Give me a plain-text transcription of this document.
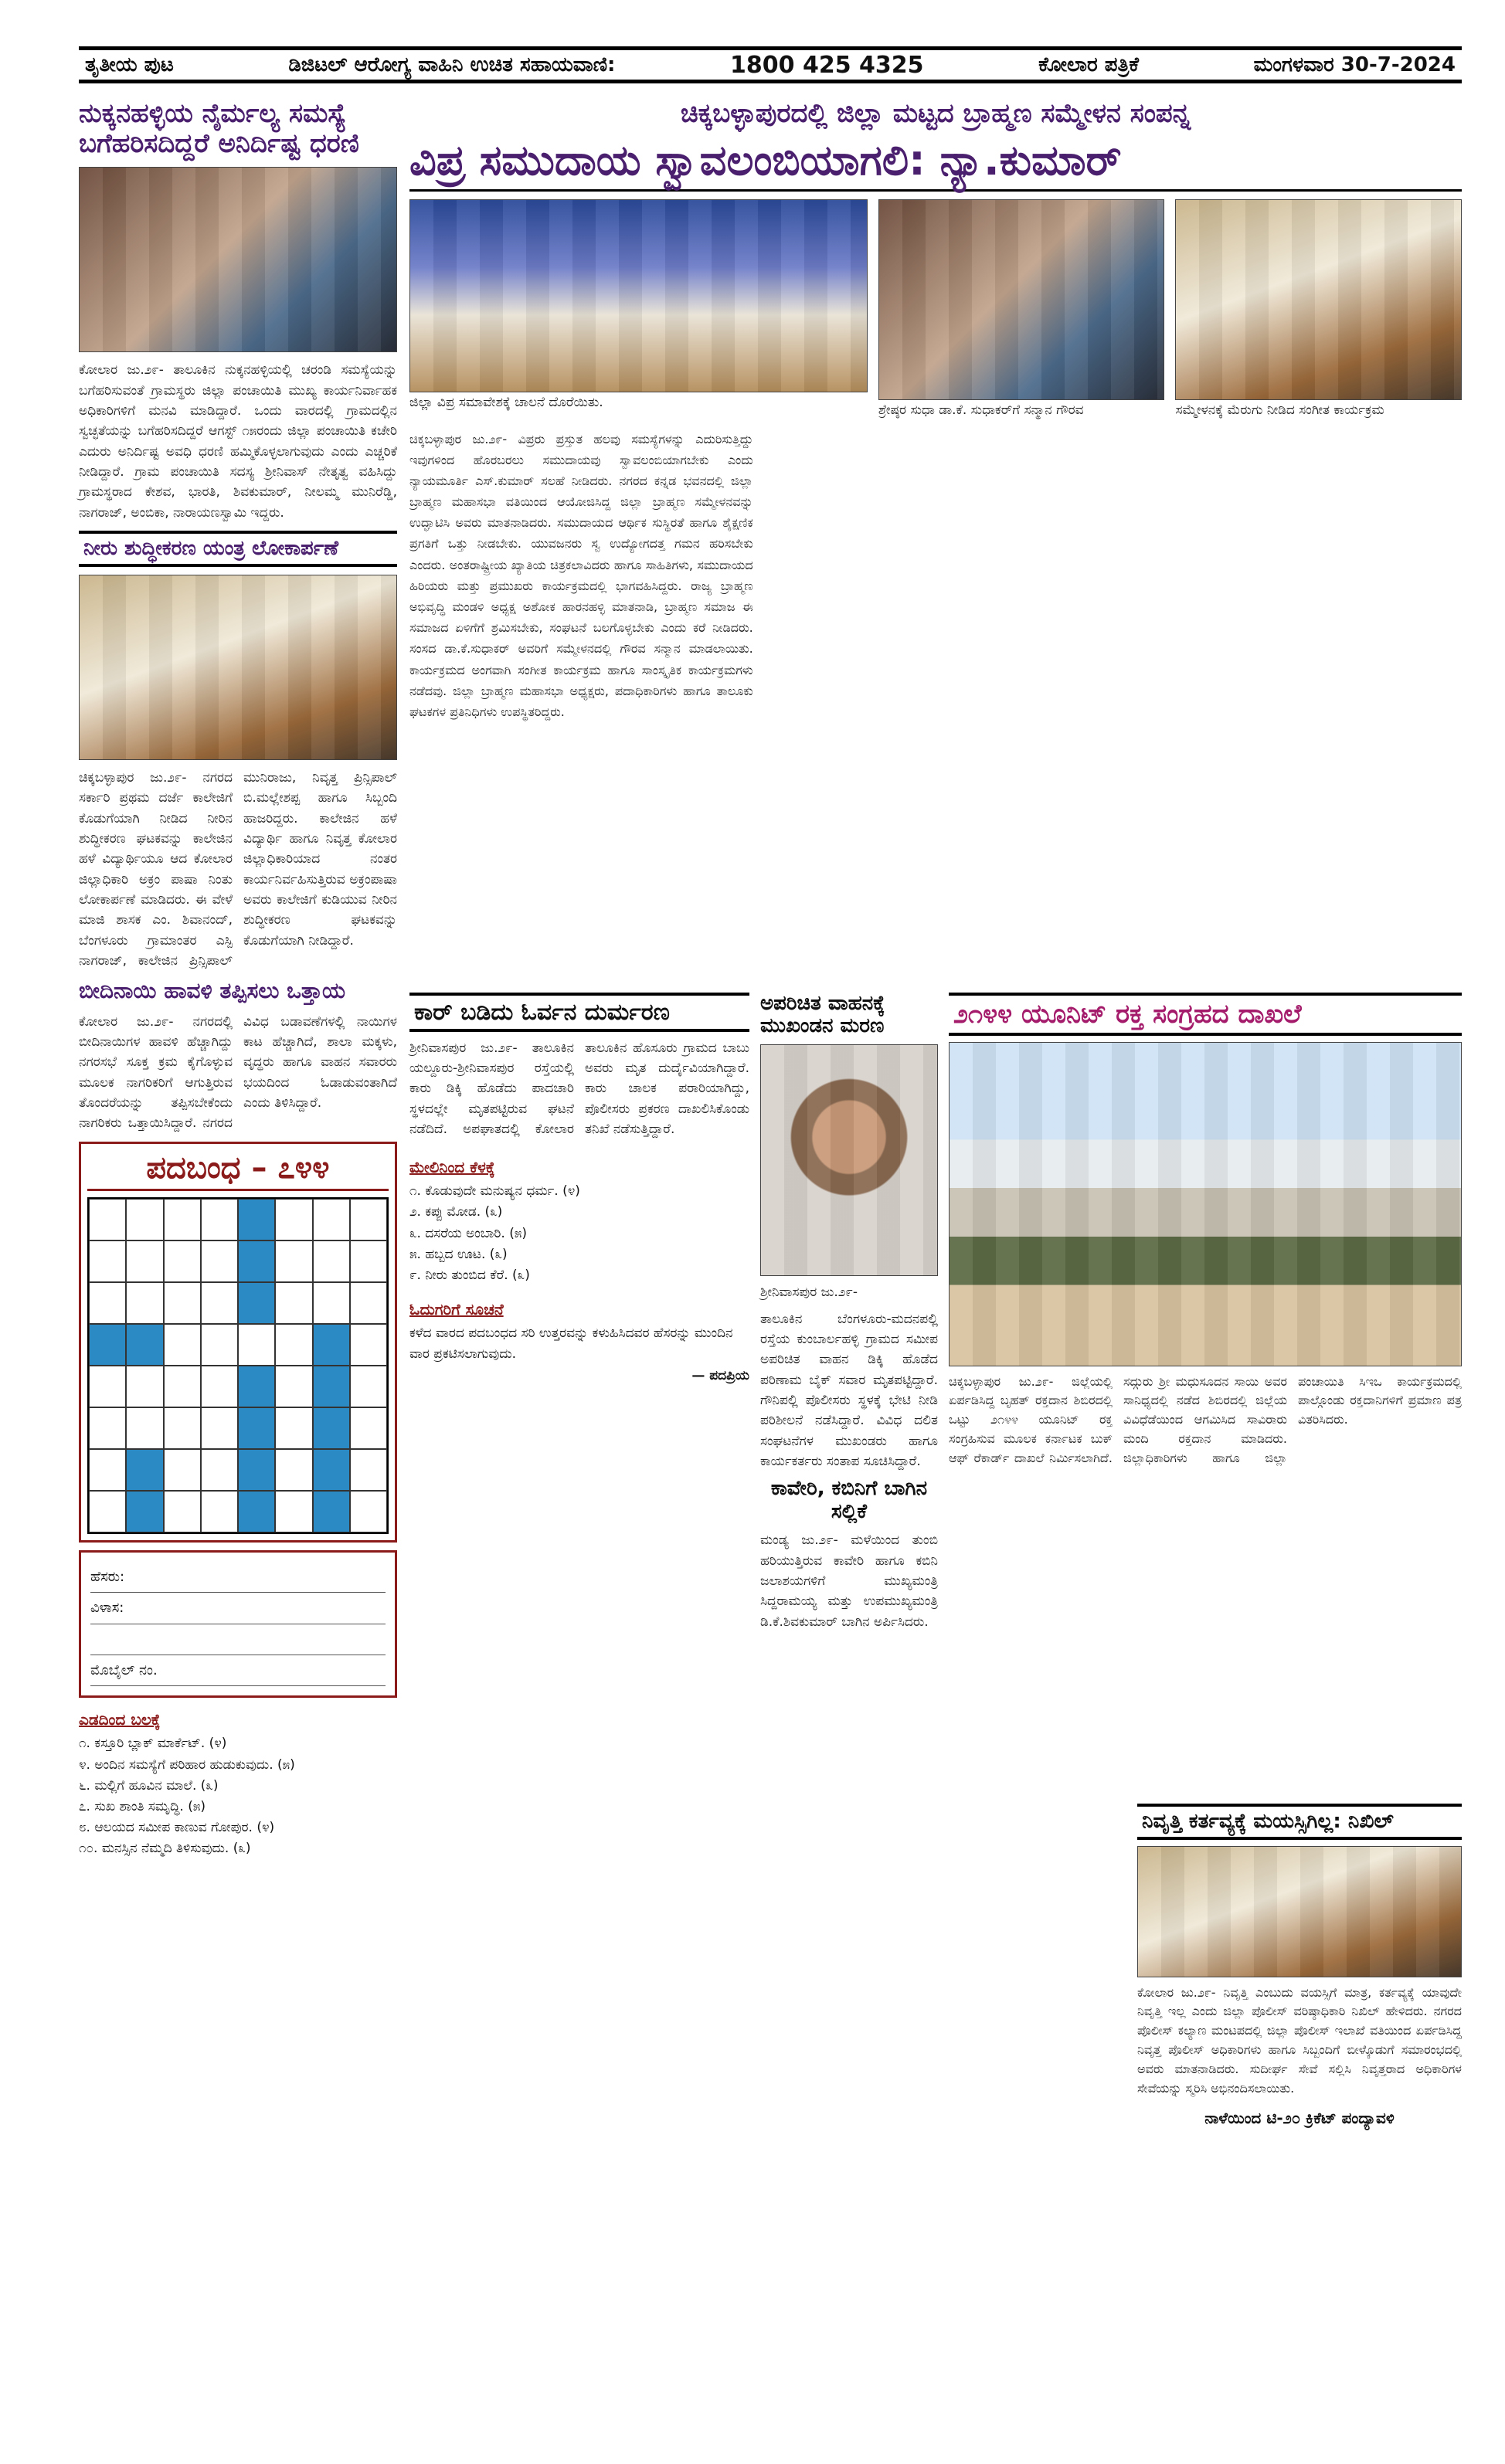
ತೃತೀಯ ಪುಟ	ಡಿಜಿಟಲ್ ಆರೋಗ್ಯ ವಾಹಿನಿ ಉಚಿತ ಸಹಾಯವಾಣಿ:	1800 425 4325	ಕೋಲಾರ ಪತ್ರಿಕೆ	ಮಂಗಳವಾರ 30-7-2024
ನುಕ್ಕನಹಳ್ಳಿಯ ನೈರ್ಮಲ್ಯ ಸಮಸ್ಯೆ ಬಗೆಹರಿಸದಿದ್ದರೆ ಅನಿರ್ದಿಷ್ಟ ಧರಣಿ
ಕೋಲಾರ ಜು.೨೯- ತಾಲೂಕಿನ ನುಕ್ಕನಹಳ್ಳಿಯಲ್ಲಿ ಚರಂಡಿ ಸಮಸ್ಯೆಯನ್ನು ಬಗೆಹರಿಸುವಂತೆ ಗ್ರಾಮಸ್ಥರು ಜಿಲ್ಲಾ ಪಂಚಾಯಿತಿ ಮುಖ್ಯ ಕಾರ್ಯನಿರ್ವಾಹಕ ಅಧಿಕಾರಿಗಳಿಗೆ ಮನವಿ ಮಾಡಿದ್ದಾರೆ. ಒಂದು ವಾರದಲ್ಲಿ ಗ್ರಾಮದಲ್ಲಿನ ಸ್ವಚ್ಛತೆಯನ್ನು ಬಗೆಹರಿಸದಿದ್ದರೆ ಆಗಸ್ಟ್ ೧೫ರಂದು ಜಿಲ್ಲಾ ಪಂಚಾಯಿತಿ ಕಚೇರಿ ಎದುರು ಅನಿರ್ದಿಷ್ಟ ಅವಧಿ ಧರಣಿ ಹಮ್ಮಿಕೊಳ್ಳಲಾಗುವುದು ಎಂದು ಎಚ್ಚರಿಕೆ ನೀಡಿದ್ದಾರೆ. ಗ್ರಾಮ ಪಂಚಾಯಿತಿ ಸದಸ್ಯ ಶ್ರೀನಿವಾಸ್ ನೇತೃತ್ವ ವಹಿಸಿದ್ದು ಗ್ರಾಮಸ್ಥರಾದ ಕೇಶವ, ಭಾರತಿ, ಶಿವಕುಮಾರ್, ನೀಲಮ್ಮ ಮುನಿರೆಡ್ಡಿ, ನಾಗರಾಜ್, ಅಂಬಿಕಾ, ನಾರಾಯಣಸ್ವಾಮಿ ಇದ್ದರು.
ನೀರು ಶುದ್ಧೀಕರಣ ಯಂತ್ರ ಲೋಕಾರ್ಪಣೆ
ಚಿಕ್ಕಬಳ್ಳಾಪುರ ಜು.೨೯- ನಗರದ ಸರ್ಕಾರಿ ಪ್ರಥಮ ದರ್ಜೆ ಕಾಲೇಜಿಗೆ ಕೊಡುಗೆಯಾಗಿ ನೀಡಿದ ನೀರಿನ ಶುದ್ಧೀಕರಣ ಘಟಕವನ್ನು ಕಾಲೇಜಿನ ಹಳೆ ವಿದ್ಯಾರ್ಥಿಯೂ ಆದ ಕೋಲಾರ ಜಿಲ್ಲಾಧಿಕಾರಿ ಅಕ್ರಂ ಪಾಷಾ ನಿಂತು ಲೋಕಾರ್ಪಣೆ ಮಾಡಿದರು. ಈ ವೇಳೆ ಮಾಜಿ ಶಾಸಕ ಎಂ. ಶಿವಾನಂದ್, ಬೆಂಗಳೂರು ಗ್ರಾಮಾಂತರ ಎಸ್ಪಿ ನಾಗರಾಜ್, ಕಾಲೇಜಿನ ಪ್ರಿನ್ಸಿಪಾಲ್ ಮುನಿರಾಜು, ನಿವೃತ್ತ ಪ್ರಿನ್ಸಿಪಾಲ್ ಬಿ.ಮಲ್ಲೇಶಪ್ಪ ಹಾಗೂ ಸಿಬ್ಬಂದಿ ಹಾಜರಿದ್ದರು. ಕಾಲೇಜಿನ ಹಳೆ ವಿದ್ಯಾರ್ಥಿ ಹಾಗೂ ನಿವೃತ್ತ ಕೋಲಾರ ಜಿಲ್ಲಾಧಿಕಾರಿಯಾದ ನಂತರ ಕಾರ್ಯನಿರ್ವಹಿಸುತ್ತಿರುವ ಅಕ್ರಂಪಾಷಾ ಅವರು ಕಾಲೇಜಿಗೆ ಕುಡಿಯುವ ನೀರಿನ ಶುದ್ಧೀಕರಣ ಘಟಕವನ್ನು ಕೊಡುಗೆಯಾಗಿ ನೀಡಿದ್ದಾರೆ.
ಬೀದಿನಾಯಿ ಹಾವಳಿ ತಪ್ಪಿಸಲು ಒತ್ತಾಯ
ಕೋಲಾರ ಜು.೨೯- ನಗರದಲ್ಲಿ ಬೀದಿನಾಯಿಗಳ ಹಾವಳಿ ಹೆಚ್ಚಾಗಿದ್ದು ನಗರಸಭೆ ಸೂಕ್ತ ಕ್ರಮ ಕೈಗೊಳ್ಳುವ ಮೂಲಕ ನಾಗರಿಕರಿಗೆ ಆಗುತ್ತಿರುವ ತೊಂದರೆಯನ್ನು ತಪ್ಪಿಸಬೇಕೆಂದು ನಾಗರಿಕರು ಒತ್ತಾಯಿಸಿದ್ದಾರೆ. ನಗರದ ವಿವಿಧ ಬಡಾವಣೆಗಳಲ್ಲಿ ನಾಯಿಗಳ ಕಾಟ ಹೆಚ್ಚಾಗಿದೆ, ಶಾಲಾ ಮಕ್ಕಳು, ವೃದ್ಧರು ಹಾಗೂ ವಾಹನ ಸವಾರರು ಭಯದಿಂದ ಓಡಾಡುವಂತಾಗಿದೆ ಎಂದು ತಿಳಿಸಿದ್ದಾರೆ.
ಪದಬಂಧ – ೭೪೪
ಹೆಸರು:
ವಿಳಾಸ:
ಮೊಬೈಲ್ ನಂ.
ಎಡದಿಂದ ಬಲಕ್ಕೆ
೧. ಕಸ್ತೂರಿ ಬ್ಲಾಕ್ ಮಾರ್ಕೆಟ್. (೪)
೪. ಅಂದಿನ ಸಮಸ್ಯೆಗೆ ಪರಿಹಾರ ಹುಡುಕುವುದು. (೫)
೬. ಮಲ್ಲಿಗೆ ಹೂವಿನ ಮಾಲೆ. (೩)
೭. ಸುಖ ಶಾಂತಿ ಸಮೃದ್ಧಿ. (೫)
೮. ಆಲಯದ ಸಮೀಪ ಕಾಣುವ ಗೋಪುರ. (೪)
೧೦. ಮನಸ್ಸಿನ ನೆಮ್ಮದಿ ತಿಳಿಸುವುದು. (೩)
ಚಿಕ್ಕಬಳ್ಳಾಪುರದಲ್ಲಿ ಜಿಲ್ಲಾ ಮಟ್ಟದ ಬ್ರಾಹ್ಮಣ ಸಮ್ಮೇಳನ ಸಂಪನ್ನ
ವಿಪ್ರ ಸಮುದಾಯ ಸ್ವಾವಲಂಬಿಯಾಗಲಿ: ನ್ಯಾ.ಕುಮಾರ್
ಜಿಲ್ಲಾ ವಿಪ್ರ ಸಮಾವೇಶಕ್ಕೆ ಚಾಲನೆ ದೊರೆಯಿತು.	ಶ್ರೇಷ್ಠರ ಸುಧಾ ಡಾ.ಕೆ. ಸುಧಾಕರ್‌ಗೆ ಸನ್ಮಾನ ಗೌರವ	ಸಮ್ಮೇಳನಕ್ಕೆ ಮೆರುಗು ನೀಡಿದ ಸಂಗೀತ ಕಾರ್ಯಕ್ರಮ
ಚಿಕ್ಕಬಳ್ಳಾಪುರ ಜು.೨೯- ವಿಪ್ರರು ಪ್ರಸ್ತುತ ಹಲವು ಸಮಸ್ಯೆಗಳನ್ನು ಎದುರಿಸುತ್ತಿದ್ದು ಇವುಗಳಿಂದ ಹೊರಬರಲು ಸಮುದಾಯವು ಸ್ವಾವಲಂಬಿಯಾಗಬೇಕು ಎಂದು ನ್ಯಾಯಮೂರ್ತಿ ಎಸ್.ಕುಮಾರ್ ಸಲಹೆ ನೀಡಿದರು. ನಗರದ ಕನ್ನಡ ಭವನದಲ್ಲಿ ಜಿಲ್ಲಾ ಬ್ರಾಹ್ಮಣ ಮಹಾಸಭಾ ವತಿಯಿಂದ ಆಯೋಜಿಸಿದ್ದ ಜಿಲ್ಲಾ ಬ್ರಾಹ್ಮಣ ಸಮ್ಮೇಳನವನ್ನು ಉದ್ಘಾಟಿಸಿ ಅವರು ಮಾತನಾಡಿದರು. ಸಮುದಾಯದ ಆರ್ಥಿಕ ಸುಸ್ಥಿರತೆ ಹಾಗೂ ಶೈಕ್ಷಣಿಕ ಪ್ರಗತಿಗೆ ಒತ್ತು ನೀಡಬೇಕು. ಯುವಜನರು ಸ್ವ ಉದ್ಯೋಗದತ್ತ ಗಮನ ಹರಿಸಬೇಕು ಎಂದರು. ಅಂತರಾಷ್ಟ್ರೀಯ ಖ್ಯಾತಿಯ ಚಿತ್ರಕಲಾವಿದರು ಹಾಗೂ ಸಾಹಿತಿಗಳು, ಸಮುದಾಯದ ಹಿರಿಯರು ಮತ್ತು ಪ್ರಮುಖರು ಕಾರ್ಯಕ್ರಮದಲ್ಲಿ ಭಾಗವಹಿಸಿದ್ದರು. ರಾಜ್ಯ ಬ್ರಾಹ್ಮಣ ಅಭಿವೃದ್ಧಿ ಮಂಡಳಿ ಅಧ್ಯಕ್ಷ ಅಶೋಕ ಹಾರನಹಳ್ಳಿ ಮಾತನಾಡಿ, ಬ್ರಾಹ್ಮಣ ಸಮಾಜ ಈ ಸಮಾಜದ ಏಳಿಗೆಗೆ ಶ್ರಮಿಸಬೇಕು, ಸಂಘಟನೆ ಬಲಗೊಳ್ಳಬೇಕು ಎಂದು ಕರೆ ನೀಡಿದರು. ಸಂಸದ ಡಾ.ಕೆ.ಸುಧಾಕರ್ ಅವರಿಗೆ ಸಮ್ಮೇಳನದಲ್ಲಿ ಗೌರವ ಸನ್ಮಾನ ಮಾಡಲಾಯಿತು. ಕಾರ್ಯಕ್ರಮದ ಅಂಗವಾಗಿ ಸಂಗೀತ ಕಾರ್ಯಕ್ರಮ ಹಾಗೂ ಸಾಂಸ್ಕೃತಿಕ ಕಾರ್ಯಕ್ರಮಗಳು ನಡೆದವು. ಜಿಲ್ಲಾ ಬ್ರಾಹ್ಮಣ ಮಹಾಸಭಾ ಅಧ್ಯಕ್ಷರು, ಪದಾಧಿಕಾರಿಗಳು ಹಾಗೂ ತಾಲೂಕು ಘಟಕಗಳ ಪ್ರತಿನಿಧಿಗಳು ಉಪಸ್ಥಿತರಿದ್ದರು.
ಕಾರ್ ಬಡಿದು ಓರ್ವನ ದುರ್ಮರಣ
ಶ್ರೀನಿವಾಸಪುರ ಜು.೨೯- ತಾಲೂಕಿನ ಯಲ್ದೂರು-ಶ್ರೀನಿವಾಸಪುರ ರಸ್ತೆಯಲ್ಲಿ ಕಾರು ಡಿಕ್ಕಿ ಹೊಡೆದು ಪಾದಚಾರಿ ಸ್ಥಳದಲ್ಲೇ ಮೃತಪಟ್ಟಿರುವ ಘಟನೆ ನಡೆದಿದೆ. ಅಪಘಾತದಲ್ಲಿ ಕೋಲಾರ ತಾಲೂಕಿನ ಹೊಸೂರು ಗ್ರಾಮದ ಬಾಬು ಅವರು ಮೃತ ದುರ್ದೈವಿಯಾಗಿದ್ದಾರೆ. ಕಾರು ಚಾಲಕ ಪರಾರಿಯಾಗಿದ್ದು, ಪೊಲೀಸರು ಪ್ರಕರಣ ದಾಖಲಿಸಿಕೊಂಡು ತನಿಖೆ ನಡೆಸುತ್ತಿದ್ದಾರೆ.
ಮೇಲಿನಿಂದ ಕೆಳಕ್ಕೆ
೧. ಕೊಡುವುದೇ ಮನುಷ್ಯನ ಧರ್ಮ. (೪)
೨. ಕಪ್ಪು ಮೋಡ. (೩)
೩. ದಸರೆಯ ಅಂಬಾರಿ. (೫)
೫. ಹಬ್ಬದ ಊಟ. (೩)
೯. ನೀರು ತುಂಬಿದ ಕೆರೆ. (೩)
ಓದುಗರಿಗೆ ಸೂಚನೆ
ಕಳೆದ ವಾರದ ಪದಬಂಧದ ಸರಿ ಉತ್ತರವನ್ನು ಕಳುಹಿಸಿದವರ ಹೆಸರನ್ನು ಮುಂದಿನ ವಾರ ಪ್ರಕಟಿಸಲಾಗುವುದು.
— ಪದಪ್ರಿಯ
ಅಪರಿಚಿತ ವಾಹನಕ್ಕೆ ಮುಖಂಡನ ಮರಣ
ಶ್ರೀನಿವಾಸಪುರ ಜು.೨೯-
ತಾಲೂಕಿನ ಬೆಂಗಳೂರು-ಮದನಪಲ್ಲಿ ರಸ್ತೆಯ ಕುಂಬಾರ್ಲಹಳ್ಳಿ ಗ್ರಾಮದ ಸಮೀಪ ಅಪರಿಚಿತ ವಾಹನ ಡಿಕ್ಕಿ ಹೊಡೆದ ಪರಿಣಾಮ ಬೈಕ್ ಸವಾರ ಮೃತಪಟ್ಟಿದ್ದಾರೆ. ಗೌನಿಪಲ್ಲಿ ಪೊಲೀಸರು ಸ್ಥಳಕ್ಕೆ ಭೇಟಿ ನೀಡಿ ಪರಿಶೀಲನೆ ನಡೆಸಿದ್ದಾರೆ. ವಿವಿಧ ದಲಿತ ಸಂಘಟನೆಗಳ ಮುಖಂಡರು ಹಾಗೂ ಕಾರ್ಯಕರ್ತರು ಸಂತಾಪ ಸೂಚಿಸಿದ್ದಾರೆ.
ಕಾವೇರಿ, ಕಬಿನಿಗೆ ಬಾಗಿನ ಸಲ್ಲಿಕೆ
ಮಂಡ್ಯ ಜು.೨೯- ಮಳೆಯಿಂದ ತುಂಬಿ ಹರಿಯುತ್ತಿರುವ ಕಾವೇರಿ ಹಾಗೂ ಕಬಿನಿ ಜಲಾಶಯಗಳಿಗೆ ಮುಖ್ಯಮಂತ್ರಿ ಸಿದ್ದರಾಮಯ್ಯ ಮತ್ತು ಉಪಮುಖ್ಯಮಂತ್ರಿ ಡಿ.ಕೆ.ಶಿವಕುಮಾರ್ ಬಾಗಿನ ಅರ್ಪಿಸಿದರು.
೨೧೪೪ ಯೂನಿಟ್ ರಕ್ತ ಸಂಗ್ರಹದ ದಾಖಲೆ
ಚಿಕ್ಕಬಳ್ಳಾಪುರ ಜು.೨೯- ಜಿಲ್ಲೆಯಲ್ಲಿ ಏರ್ಪಡಿಸಿದ್ದ ಬೃಹತ್ ರಕ್ತದಾನ ಶಿಬಿರದಲ್ಲಿ ಒಟ್ಟು ೨೧೪೪ ಯೂನಿಟ್ ರಕ್ತ ಸಂಗ್ರಹಿಸುವ ಮೂಲಕ ಕರ್ನಾಟಕ ಬುಕ್ ಆಫ್ ರೆಕಾರ್ಡ್ ದಾಖಲೆ ನಿರ್ಮಿಸಲಾಗಿದೆ. ಸದ್ಗುರು ಶ್ರೀ ಮಧುಸೂದನ ಸಾಯಿ ಅವರ ಸಾನಿಧ್ಯದಲ್ಲಿ ನಡೆದ ಶಿಬಿರದಲ್ಲಿ ಜಿಲ್ಲೆಯ ವಿವಿಧೆಡೆಯಿಂದ ಆಗಮಿಸಿದ ಸಾವಿರಾರು ಮಂದಿ ರಕ್ತದಾನ ಮಾಡಿದರು. ಜಿಲ್ಲಾಧಿಕಾರಿಗಳು ಹಾಗೂ ಜಿಲ್ಲಾ ಪಂಚಾಯಿತಿ ಸಿಇಒ ಕಾರ್ಯಕ್ರಮದಲ್ಲಿ ಪಾಲ್ಗೊಂಡು ರಕ್ತದಾನಿಗಳಿಗೆ ಪ್ರಮಾಣ ಪತ್ರ ವಿತರಿಸಿದರು.
ನಿವೃತ್ತಿ ಕರ್ತವ್ಯಕ್ಕೆ ಮಯಸ್ಸಿಗಿಲ್ಲ: ನಿಖಿಲ್
ಕೋಲಾರ ಜು.೨೯- ನಿವೃತ್ತಿ ಎಂಬುದು ವಯಸ್ಸಿಗೆ ಮಾತ್ರ, ಕರ್ತವ್ಯಕ್ಕೆ ಯಾವುದೇ ನಿವೃತ್ತಿ ಇಲ್ಲ ಎಂದು ಜಿಲ್ಲಾ ಪೊಲೀಸ್ ವರಿಷ್ಠಾಧಿಕಾರಿ ನಿಖಿಲ್ ಹೇಳಿದರು. ನಗರದ ಪೊಲೀಸ್ ಕಲ್ಯಾಣ ಮಂಟಪದಲ್ಲಿ ಜಿಲ್ಲಾ ಪೊಲೀಸ್ ಇಲಾಖೆ ವತಿಯಿಂದ ಏರ್ಪಡಿಸಿದ್ದ ನಿವೃತ್ತ ಪೊಲೀಸ್ ಅಧಿಕಾರಿಗಳು ಹಾಗೂ ಸಿಬ್ಬಂದಿಗೆ ಬೀಳ್ಕೊಡುಗೆ ಸಮಾರಂಭದಲ್ಲಿ ಅವರು ಮಾತನಾಡಿದರು. ಸುದೀರ್ಘ ಸೇವೆ ಸಲ್ಲಿಸಿ ನಿವೃತ್ತರಾದ ಅಧಿಕಾರಿಗಳ ಸೇವೆಯನ್ನು ಸ್ಮರಿಸಿ ಅಭಿನಂದಿಸಲಾಯಿತು.
ನಾಳೆಯಿಂದ ಟಿ-೨೦ ಕ್ರಿಕೆಟ್ ಪಂದ್ಯಾವಳಿ
